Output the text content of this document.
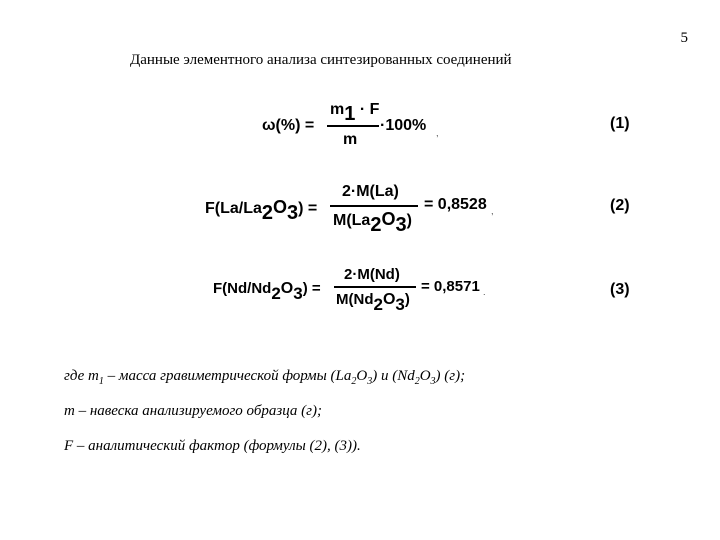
5
Данные элементного анализа синтезированных соединений
ω(%) =
m1 · F
m
·100% ,
(1)
F(La/La2O3) =
2·M(La)
M(La2O3)
= 0,8528 ,	(2)
F(Nd/Nd2O3) =
2·M(Nd)
M(Nd2O3)
= 0,8571 .	(3)
где $m_1$ – масса гравиметрической формы $(La_2O_3)$ и $(Nd_2O_3)$ (г);
m – навеска анализируемого образца (г);
F – аналитический фактор (формулы (2), (3)).
